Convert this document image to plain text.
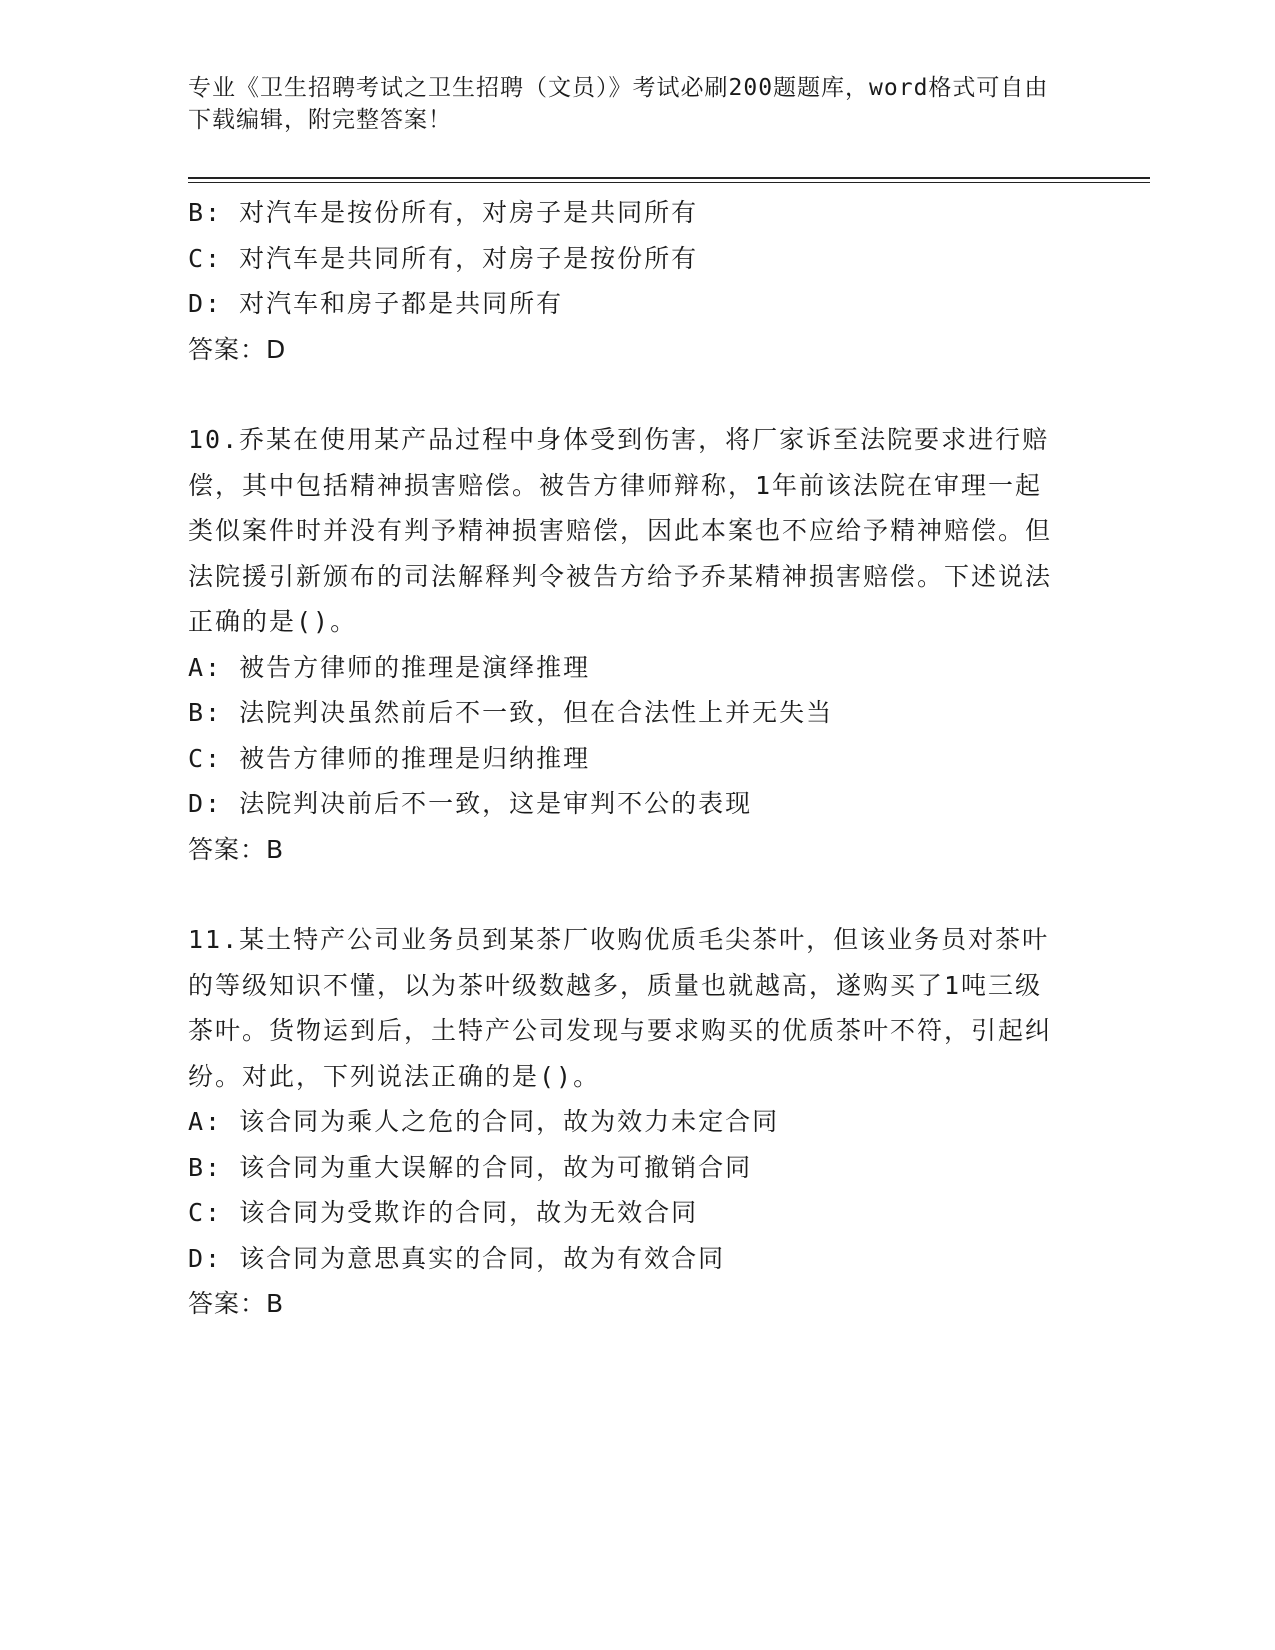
专业《卫生招聘考试之卫生招聘（文员）》考试必刷200题题库，word格式可自由下载编辑，附完整答案！
B: 对汽车是按份所有，对房子是共同所有
C: 对汽车是共同所有，对房子是按份所有
D: 对汽车和房子都是共同所有
答案：D
10.乔某在使用某产品过程中身体受到伤害，将厂家诉至法院要求进行赔偿，其中包括精神损害赔偿。被告方律师辩称，1年前该法院在审理一起类似案件时并没有判予精神损害赔偿，因此本案也不应给予精神赔偿。但法院援引新颁布的司法解释判令被告方给予乔某精神损害赔偿。下述说法正确的是()。
A: 被告方律师的推理是演绎推理
B: 法院判决虽然前后不一致，但在合法性上并无失当
C: 被告方律师的推理是归纳推理
D: 法院判决前后不一致，这是审判不公的表现
答案：B
11.某土特产公司业务员到某茶厂收购优质毛尖茶叶，但该业务员对茶叶的等级知识不懂，以为茶叶级数越多，质量也就越高，遂购买了1吨三级茶叶。货物运到后，土特产公司发现与要求购买的优质茶叶不符，引起纠纷。对此，下列说法正确的是()。
A: 该合同为乘人之危的合同，故为效力未定合同
B: 该合同为重大误解的合同，故为可撤销合同
C: 该合同为受欺诈的合同，故为无效合同
D: 该合同为意思真实的合同，故为有效合同
答案：B
